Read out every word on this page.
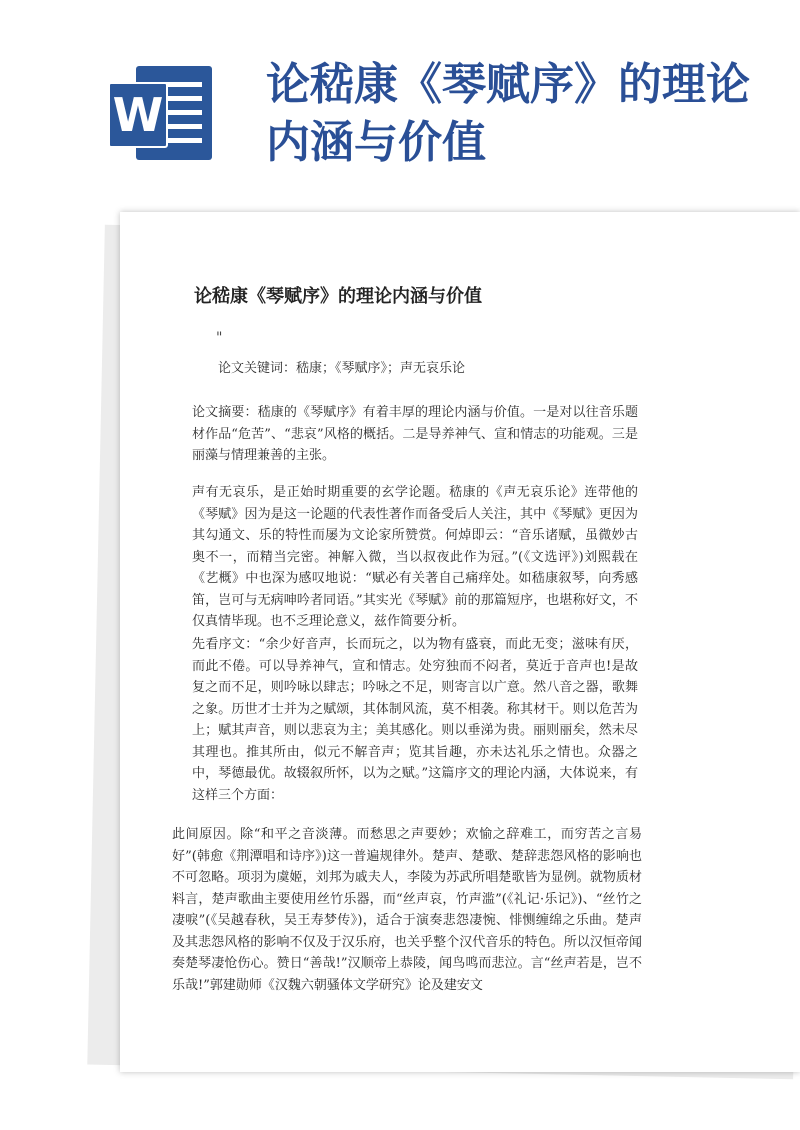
W
论嵇康《琴赋序》的理论内涵与价值
论嵇康《琴赋序》的理论内涵与价值
"

论文关键词：嵇康；《琴赋序》；声无哀乐论

论文摘要：嵇康的《琴赋序》有着丰厚的理论内涵与价值。一是对以往音乐题材作品“危苦”、“悲哀”风格的概括。二是导养神气、宣和情志的功能观。三是丽藻与情理兼善的主张。

声有无哀乐，是正始时期重要的玄学论题。嵇康的《声无哀乐论》连带他的《琴赋》因为是这一论题的代表性著作而备受后人关注，其中《琴赋》更因为其勾通文、乐的特性而屡为文论家所赞赏。何焯即云：“音乐诸赋，虽微妙古奥不一，而精当完密。神解入微，当以叔夜此作为冠。”(《文选评》)刘熙载在《艺概》中也深为感叹地说：“赋必有关著自己痛痒处。如嵇康叙琴，向秀感笛，岂可与无病呻吟者同语。”其实光《琴赋》前的那篇短序，也堪称好文，不仅真情毕现。也不乏理论意义，兹作简要分析。

先看序文：“余少好音声，长而玩之，以为物有盛衰，而此无变；滋味有厌，而此不倦。可以导养神气，宣和情志。处穷独而不闷者，莫近于音声也!是故复之而不足，则吟咏以肆志；吟咏之不足，则寄言以广意。然八音之器，歌舞之象。历世才士并为之赋颂，其体制风流，莫不相袭。称其材干。则以危苦为上；赋其声音，则以悲哀为主；美其感化。则以垂涕为贵。丽则丽矣，然未尽其理也。推其所由，似元不解音声；览其旨趣，亦未达礼乐之情也。众器之中，琴德最优。故辍叙所怀，以为之赋。”这篇序文的理论内涵，大体说来，有这样三个方面：

此间原因。除“和平之音淡薄。而愁思之声要妙；欢愉之辞难工，而穷苦之言易好”(韩愈《荆潭唱和诗序》)这一普遍规律外。楚声、楚歌、楚辞悲怨风格的影响也不可忽略。项羽为虞姬，刘邦为戚夫人，李陵为苏武所唱楚歌皆为显例。就物质材料言，楚声歌曲主要使用丝竹乐器，而“丝声哀，竹声滥”(《礼记·乐记》)、“丝竹之凄唳”(《吴越春秋，吴王寿梦传》)，适合于演奏悲怨凄惋、悱恻缠绵之乐曲。楚声及其悲怨风格的影响不仅及于汉乐府，也关乎整个汉代音乐的特色。所以汉恒帝闻奏楚琴凄怆伤心。赞日“善哉!”汉顺帝上恭陵，闻鸟鸣而悲泣。言“丝声若是，岂不乐哉!”郭建勋师《汉魏六朝骚体文学研究》论及建安文
